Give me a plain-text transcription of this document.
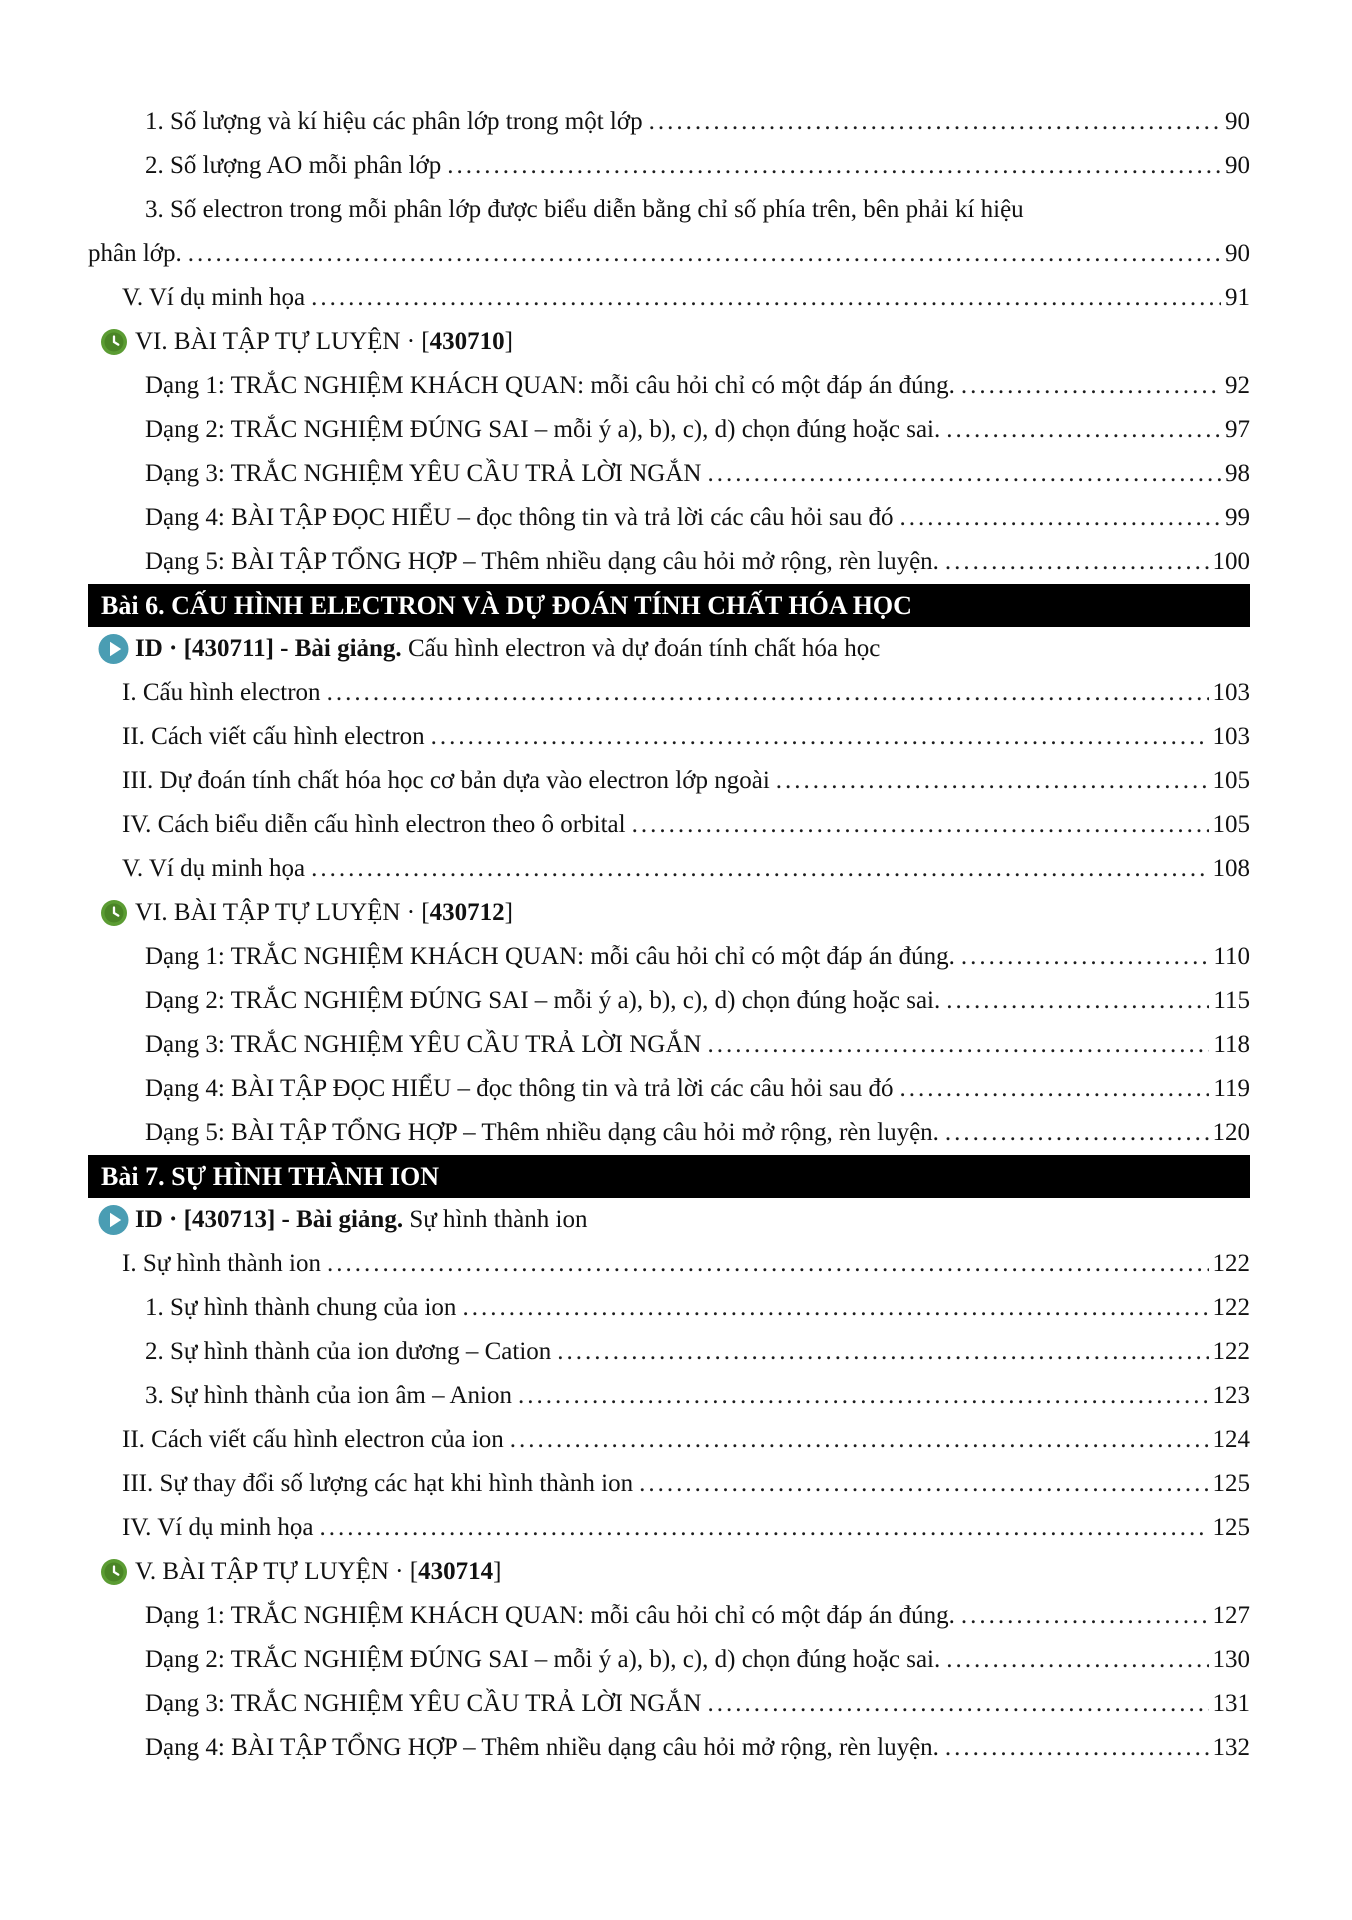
1. Số lượng và kí hiệu các phân lớp trong một lớp .....	90
2. Số lượng AO mỗi phân lớp .....	90
3. Số electron trong mỗi phân lớp được biểu diễn bằng chỉ số phía trên, bên phải kí hiệu
phân lớp. .....	90
V. Ví dụ minh họa .....	91
VI. BÀI TẬP TỰ LUYỆN · [430710]
Dạng 1: TRẮC NGHIỆM KHÁCH QUAN: mỗi câu hỏi chỉ có một đáp án đúng. .....	92
Dạng 2: TRẮC NGHIỆM ĐÚNG SAI – mỗi ý a), b), c), d) chọn đúng hoặc sai. .....	97
Dạng 3: TRẮC NGHIỆM YÊU CẦU TRẢ LỜI NGẮN .....	98
Dạng 4: BÀI TẬP ĐỌC HIỂU – đọc thông tin và trả lời các câu hỏi sau đó .....	99
Dạng 5: BÀI TẬP TỔNG HỢP – Thêm nhiều dạng câu hỏi mở rộng, rèn luyện. .....	100
Bài 6. CẤU HÌNH ELECTRON VÀ DỰ ĐOÁN TÍNH CHẤT HÓA HỌC
ID · [430711] - Bài giảng. Cấu hình electron và dự đoán tính chất hóa học
I. Cấu hình electron .....	103
II. Cách viết cấu hình electron .....	103
III. Dự đoán tính chất hóa học cơ bản dựa vào electron lớp ngoài .....	105
IV. Cách biểu diễn cấu hình electron theo ô orbital .....	105
V. Ví dụ minh họa .....	108
VI. BÀI TẬP TỰ LUYỆN · [430712]
Dạng 1: TRẮC NGHIỆM KHÁCH QUAN: mỗi câu hỏi chỉ có một đáp án đúng. .....	110
Dạng 2: TRẮC NGHIỆM ĐÚNG SAI – mỗi ý a), b), c), d) chọn đúng hoặc sai. .....	115
Dạng 3: TRẮC NGHIỆM YÊU CẦU TRẢ LỜI NGẮN .....	118
Dạng 4: BÀI TẬP ĐỌC HIỂU – đọc thông tin và trả lời các câu hỏi sau đó .....	119
Dạng 5: BÀI TẬP TỔNG HỢP – Thêm nhiều dạng câu hỏi mở rộng, rèn luyện. .....	120
Bài 7. SỰ HÌNH THÀNH ION
ID · [430713] - Bài giảng. Sự hình thành ion
I. Sự hình thành ion .....	122
1. Sự hình thành chung của ion .....	122
2. Sự hình thành của ion dương – Cation .....	122
3. Sự hình thành của ion âm – Anion .....	123
II. Cách viết cấu hình electron của ion .....	124
III. Sự thay đổi số lượng các hạt khi hình thành ion .....	125
IV. Ví dụ minh họa .....	125
V. BÀI TẬP TỰ LUYỆN · [430714]
Dạng 1: TRẮC NGHIỆM KHÁCH QUAN: mỗi câu hỏi chỉ có một đáp án đúng. .....	127
Dạng 2: TRẮC NGHIỆM ĐÚNG SAI – mỗi ý a), b), c), d) chọn đúng hoặc sai. .....	130
Dạng 3: TRẮC NGHIỆM YÊU CẦU TRẢ LỜI NGẮN .....	131
Dạng 4: BÀI TẬP TỔNG HỢP – Thêm nhiều dạng câu hỏi mở rộng, rèn luyện. .....	132
